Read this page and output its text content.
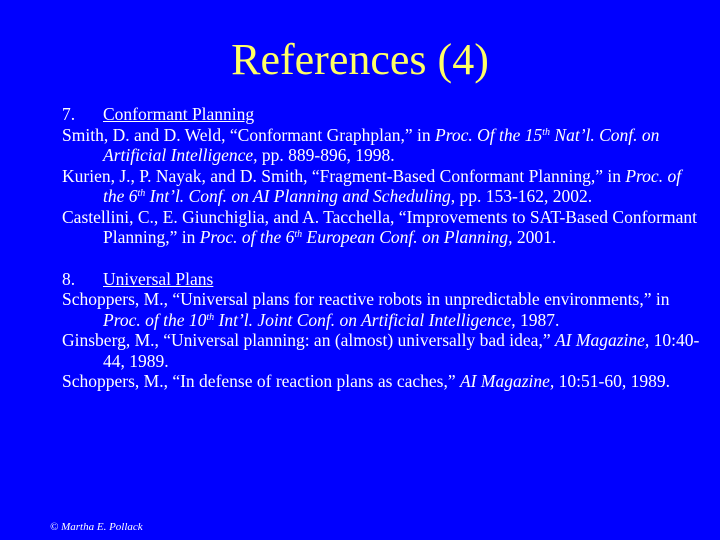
References (4)
7. Conformant Planning
Smith, D. and D. Weld, “Conformant Graphplan,” in Proc. Of the 15th Nat’l. Conf. on Artificial Intelligence, pp. 889-896, 1998.
Kurien, J., P. Nayak, and D. Smith, “Fragment-Based Conformant Planning,” in Proc. of the 6th Int’l. Conf. on AI Planning and Scheduling, pp. 153-162, 2002.
Castellini, C., E. Giunchiglia, and A. Tacchella, “Improvements to SAT-Based Conformant Planning,” in Proc. of the 6th European Conf. on Planning, 2001.
8. Universal Plans
Schoppers, M., “Universal plans for reactive robots in unpredictable environments,” in Proc. of the 10th Int’l. Joint Conf. on Artificial Intelligence, 1987.
Ginsberg, M., “Universal planning: an (almost) universally bad idea,” AI Magazine, 10:40-44, 1989.
Schoppers, M., “In defense of reaction plans as caches,” AI Magazine, 10:51-60, 1989.
© Martha E. Pollack
